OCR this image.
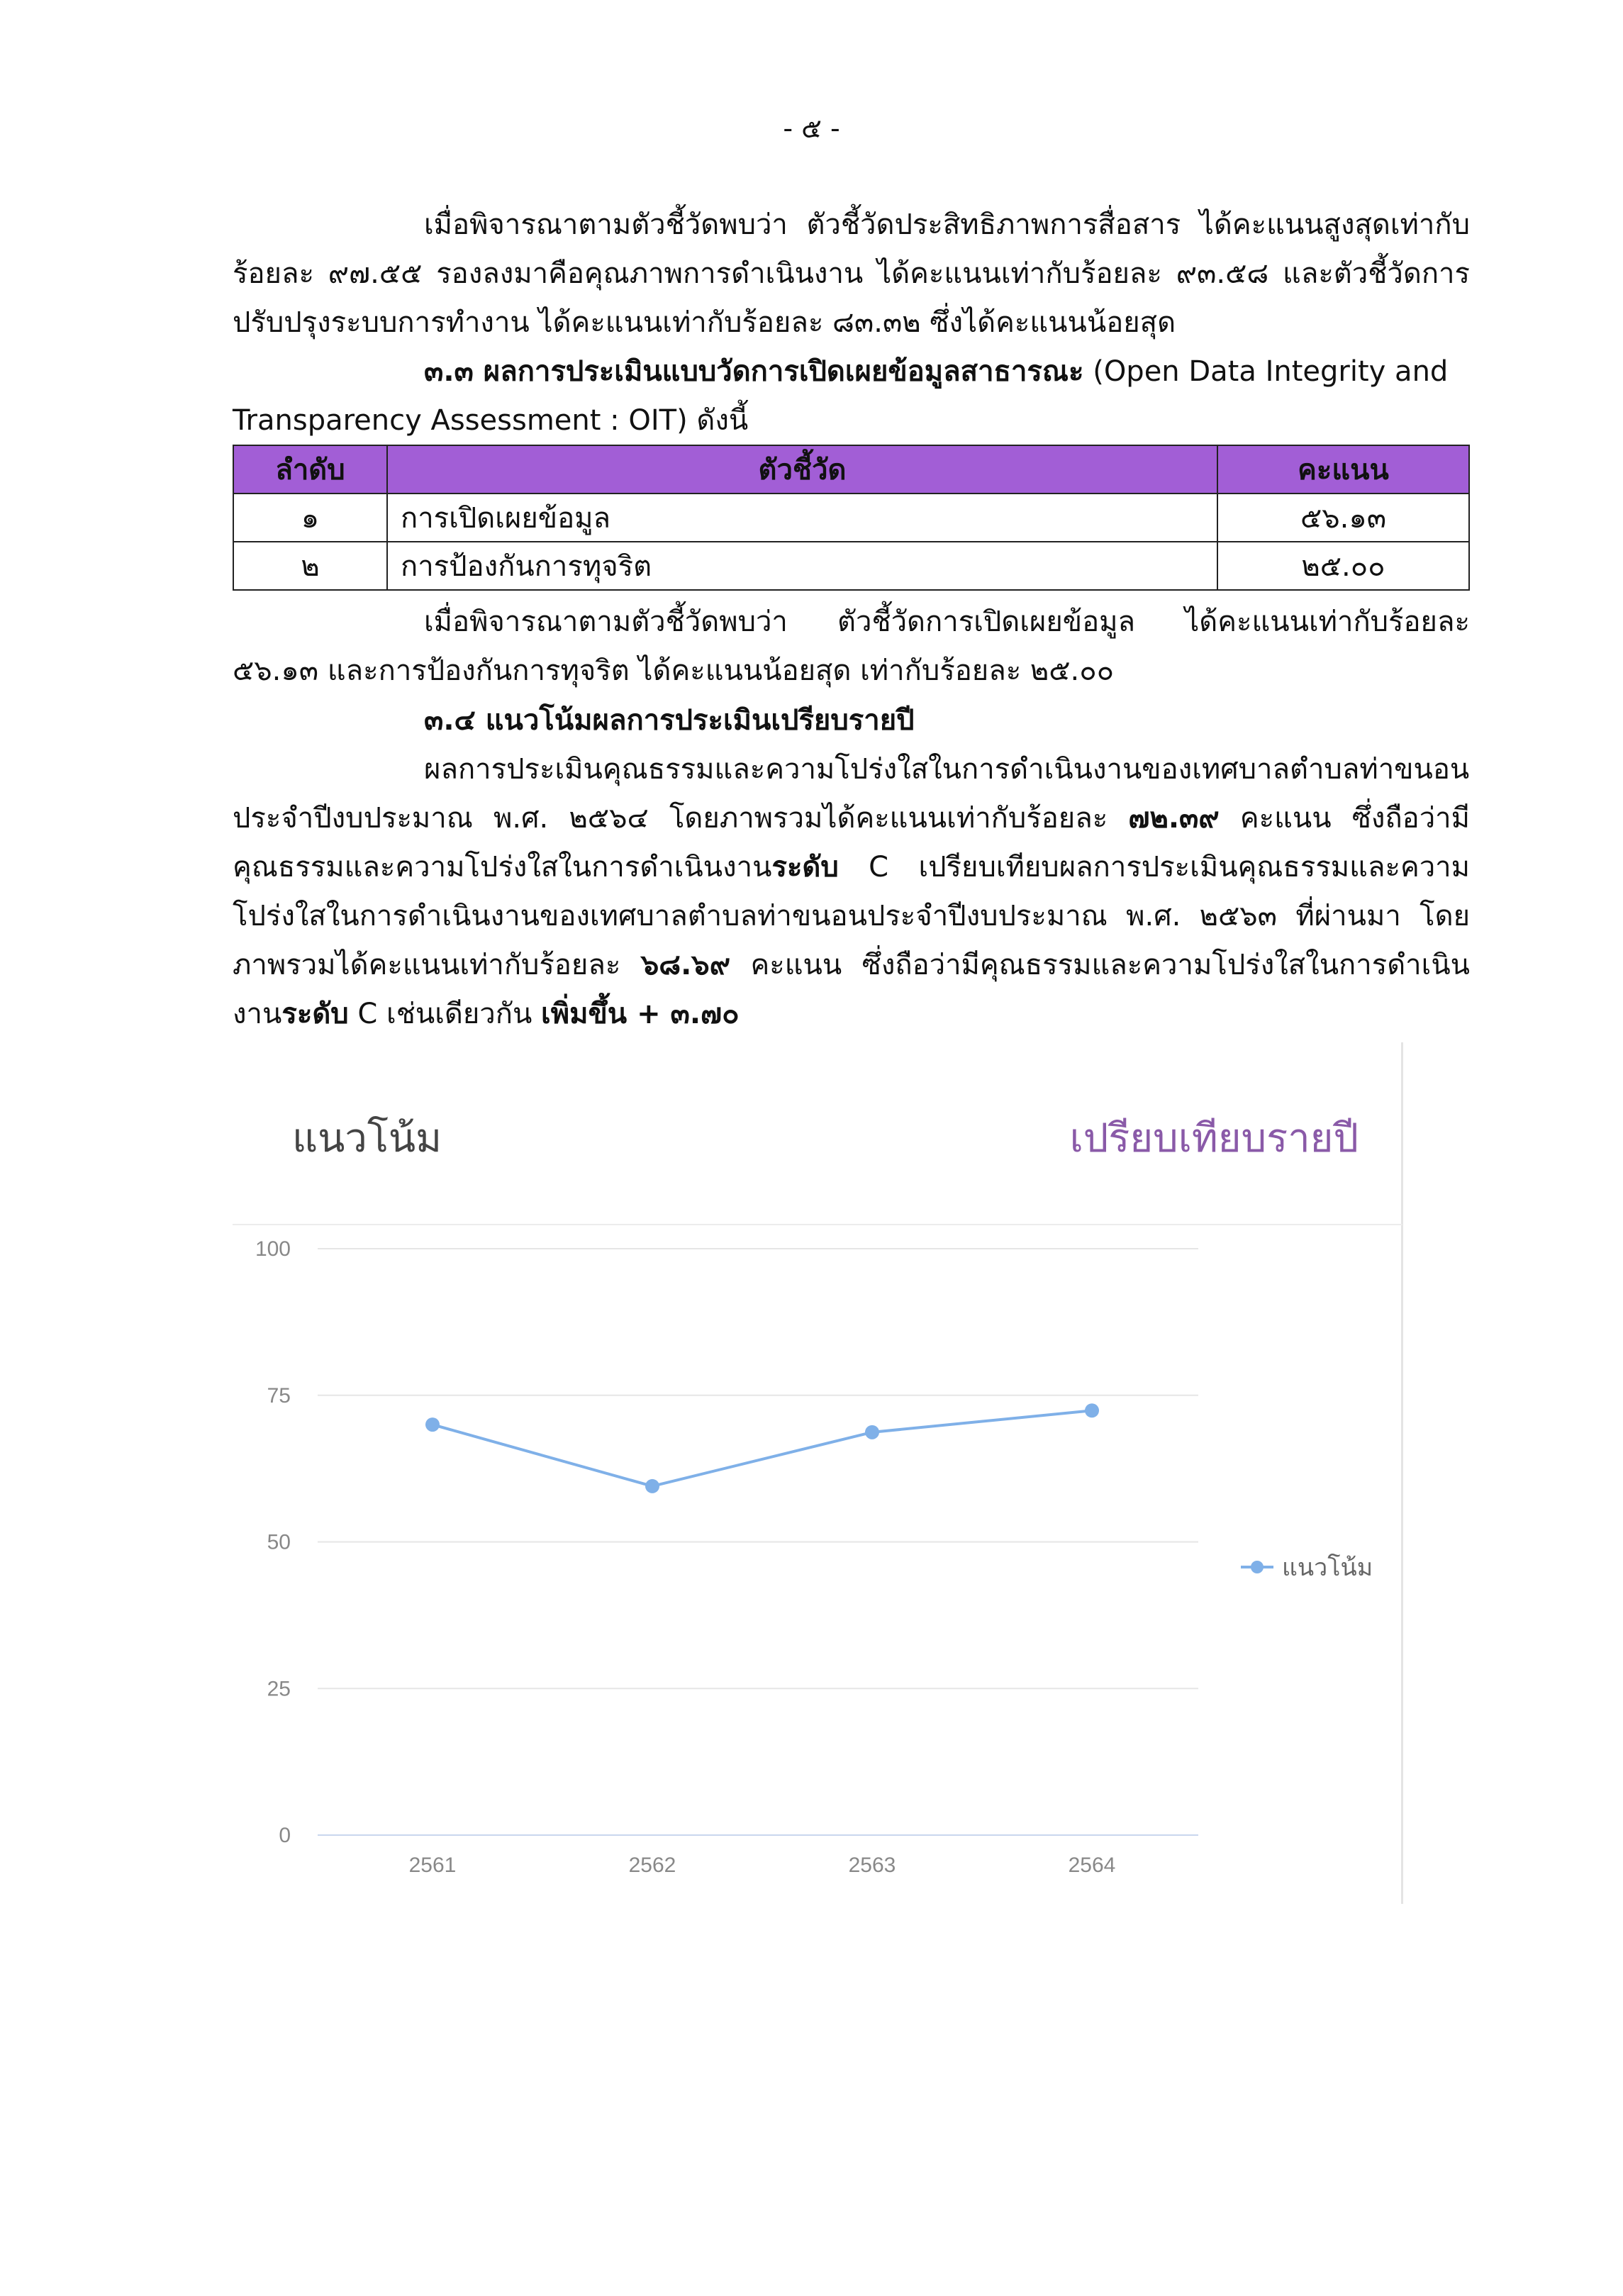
- ๕ -

เมื่อพิจารณาตามตัวชี้วัดพบว่า ตัวชี้วัดประสิทธิภาพการสื่อสาร ได้คะแนนสูงสุดเท่ากับร้อยละ ๙๗.๕๕ รองลงมาคือคุณภาพการดำเนินงาน ได้คะแนนเท่ากับร้อยละ ๙๓.๕๘ และตัวชี้วัดการปรับปรุงระบบการทำงาน ได้คะแนนเท่ากับร้อยละ ๘๓.๓๒ ซึ่งได้คะแนนน้อยสุด

๓.๓ ผลการประเมินแบบวัดการเปิดเผยข้อมูลสาธารณะ (Open Data Integrity and Transparency Assessment : OIT) ดังนี้

ลำดับ	ตัวชี้วัด	คะแนน
๑	การเปิดเผยข้อมูล	๕๖.๑๓
๒	การป้องกันการทุจริต	๒๕.๐๐

เมื่อพิจารณาตามตัวชี้วัดพบว่า ตัวชี้วัดการเปิดเผยข้อมูล ได้คะแนนเท่ากับร้อยละ ๕๖.๑๓ และการป้องกันการทุจริต ได้คะแนนน้อยสุด เท่ากับร้อยละ ๒๕.๐๐

๓.๔ แนวโน้มผลการประเมินเปรียบรายปี

ผลการประเมินคุณธรรมและความโปร่งใสในการดำเนินงานของเทศบาลตำบลท่าขนอน ประจำปีงบประมาณ พ.ศ. ๒๕๖๔ โดยภาพรวมได้คะแนนเท่ากับร้อยละ ๗๒.๓๙ คะแนน ซึ่งถือว่ามีคุณธรรมและความโปร่งใสในการดำเนินงานระดับ C เปรียบเทียบผลการประเมินคุณธรรมและความโปร่งใสในการดำเนินงานของเทศบาลตำบลท่าขนอนประจำปีงบประมาณ พ.ศ. ๒๕๖๓ ที่ผ่านมา โดยภาพรวมได้คะแนนเท่ากับร้อยละ ๖๘.๖๙ คะแนน ซึ่งถือว่ามีคุณธรรมและความโปร่งใสในการดำเนินงานระดับ C เช่นเดียวกัน เพิ่มขึ้น + ๓.๗๐

แนวโน้ม	เปรียบเทียบรายปี
0
25
50
75
100
2561	2562	2563	2564
แนวโน้ม
